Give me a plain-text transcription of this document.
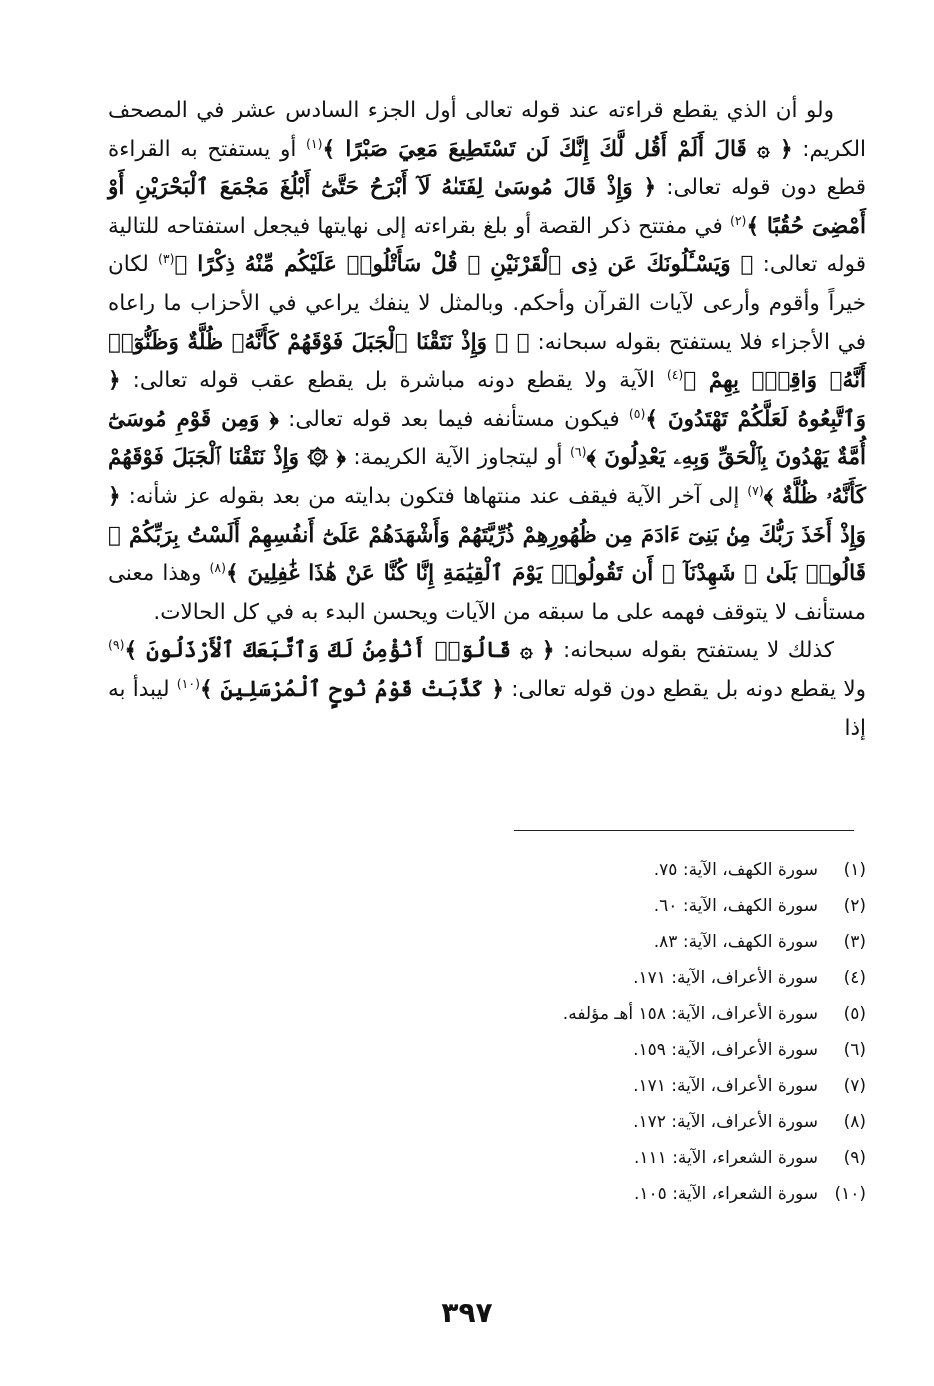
ولو أن الذي يقطع قراءته عند قوله تعالى أول الجزء السادس عشر في المصحف الكريم: ﴿ ۞ قَالَ أَلَمْ أَقُل لَّكَ إِنَّكَ لَن تَسْتَطِيعَ مَعِيَ صَبْرًا ﴾$^{(١)}$ أو يستفتح به القراءة قطع دون قوله تعالى: ﴿ وَإِذْ قَالَ مُوسَىٰ لِفَتَىٰهُ لَآ أَبْرَحُ حَتَّىٰٓ أَبْلُغَ مَجْمَعَ ٱلْبَحْرَيْنِ أَوْ أَمْضِىَ حُقُبًا ﴾$^{(٢)}$ في مفتتح ذكر القصة أو بلغ بقراءته إلى نهايتها فيجعل استفتاحه للتالية قوله تعالى: ﴿ وَيَسْـَٔلُونَكَ عَن ذِى ٱلْقَرْنَيْنِ ۖ قُلْ سَأَتْلُوا۟ عَلَيْكُم مِّنْهُ ذِكْرًا ﴾$^{(٣)}$ لكان خيراً وأقوم وأرعى لآيات القرآن وأحكم. وبالمثل لا ينفك يراعي في الأحزاب ما راعاه في الأجزاء فلا يستفتح بقوله سبحانه: ﴿ ۞ وَإِذْ نَتَقْنَا ٱلْجَبَلَ فَوْقَهُمْ كَأَنَّهُۥ ظُلَّةٌ وَظَنُّوٓا۟ أَنَّهُۥ وَاقِعٌۢ بِهِمْ ﴾$^{(٤)}$ الآية ولا يقطع دونه مباشرة بل يقطع عقب قوله تعالى: ﴿ وَٱتَّبِعُوهُ لَعَلَّكُمْ تَهْتَدُونَ ﴾$^{(٥)}$ فيكون مستأنفه فيما بعد قوله تعالى: ﴿ وَمِن قَوْمِ مُوسَىٰٓ أُمَّةٌ يَهْدُونَ بِٱلْحَقِّ وَبِهِۦ يَعْدِلُونَ ﴾$^{(٦)}$ أو ليتجاوز الآية الكريمة: ﴿ ۞ وَإِذْ نَتَقْنَا ٱلْجَبَلَ فَوْقَهُمْ كَأَنَّهُۥ ظُلَّةٌ ﴾$^{(٧)}$ إلى آخر الآية فيقف عند منتهاها فتكون بدايته من بعد بقوله عز شأنه: ﴿ وَإِذْ أَخَذَ رَبُّكَ مِنۢ بَنِىٓ ءَادَمَ مِن ظُهُورِهِمْ ذُرِّيَّتَهُمْ وَأَشْهَدَهُمْ عَلَىٰٓ أَنفُسِهِمْ أَلَسْتُ بِرَبِّكُمْ ۖ قَالُوا۟ بَلَىٰ ۛ شَهِدْنَآ ۛ أَن تَقُولُوا۟ يَوْمَ ٱلْقِيَٰمَةِ إِنَّا كُنَّا عَنْ هَٰذَا غَٰفِلِينَ ﴾$^{(٨)}$ وهذا معنى مستأنف لا يتوقف فهمه على ما سبقه من الآيات ويحسن البدء به في كل الحالات.

كذلك لا يستفتح بقوله سبحانه: ﴿ ۞ قَالُوٓا۟ أَنُؤْمِنُ لَكَ وَٱتَّبَعَكَ ٱلْأَرْذَلُونَ ﴾$^{(٩)}$ ولا يقطع دونه بل يقطع دون قوله تعالى: ﴿ كَذَّبَتْ قَوْمُ نُوحٍ ٱلْمُرْسَلِينَ ﴾$^{(١٠)}$ ليبدأ به إذا

(١)سورة الكهف، الآية: ٧٥.
(٢)سورة الكهف، الآية: ٦٠.
(٣)سورة الكهف، الآية: ٨٣.
(٤)سورة الأعراف، الآية: ١٧١.
(٥)سورة الأعراف، الآية: ١٥٨ أهـ مؤلفه.
(٦)سورة الأعراف، الآية: ١٥٩.
(٧)سورة الأعراف، الآية: ١٧١.
(٨)سورة الأعراف، الآية: ١٧٢.
(٩)سورة الشعراء، الآية: ١١١.
(١٠)سورة الشعراء، الآية: ١٠٥.
٣٩٧
